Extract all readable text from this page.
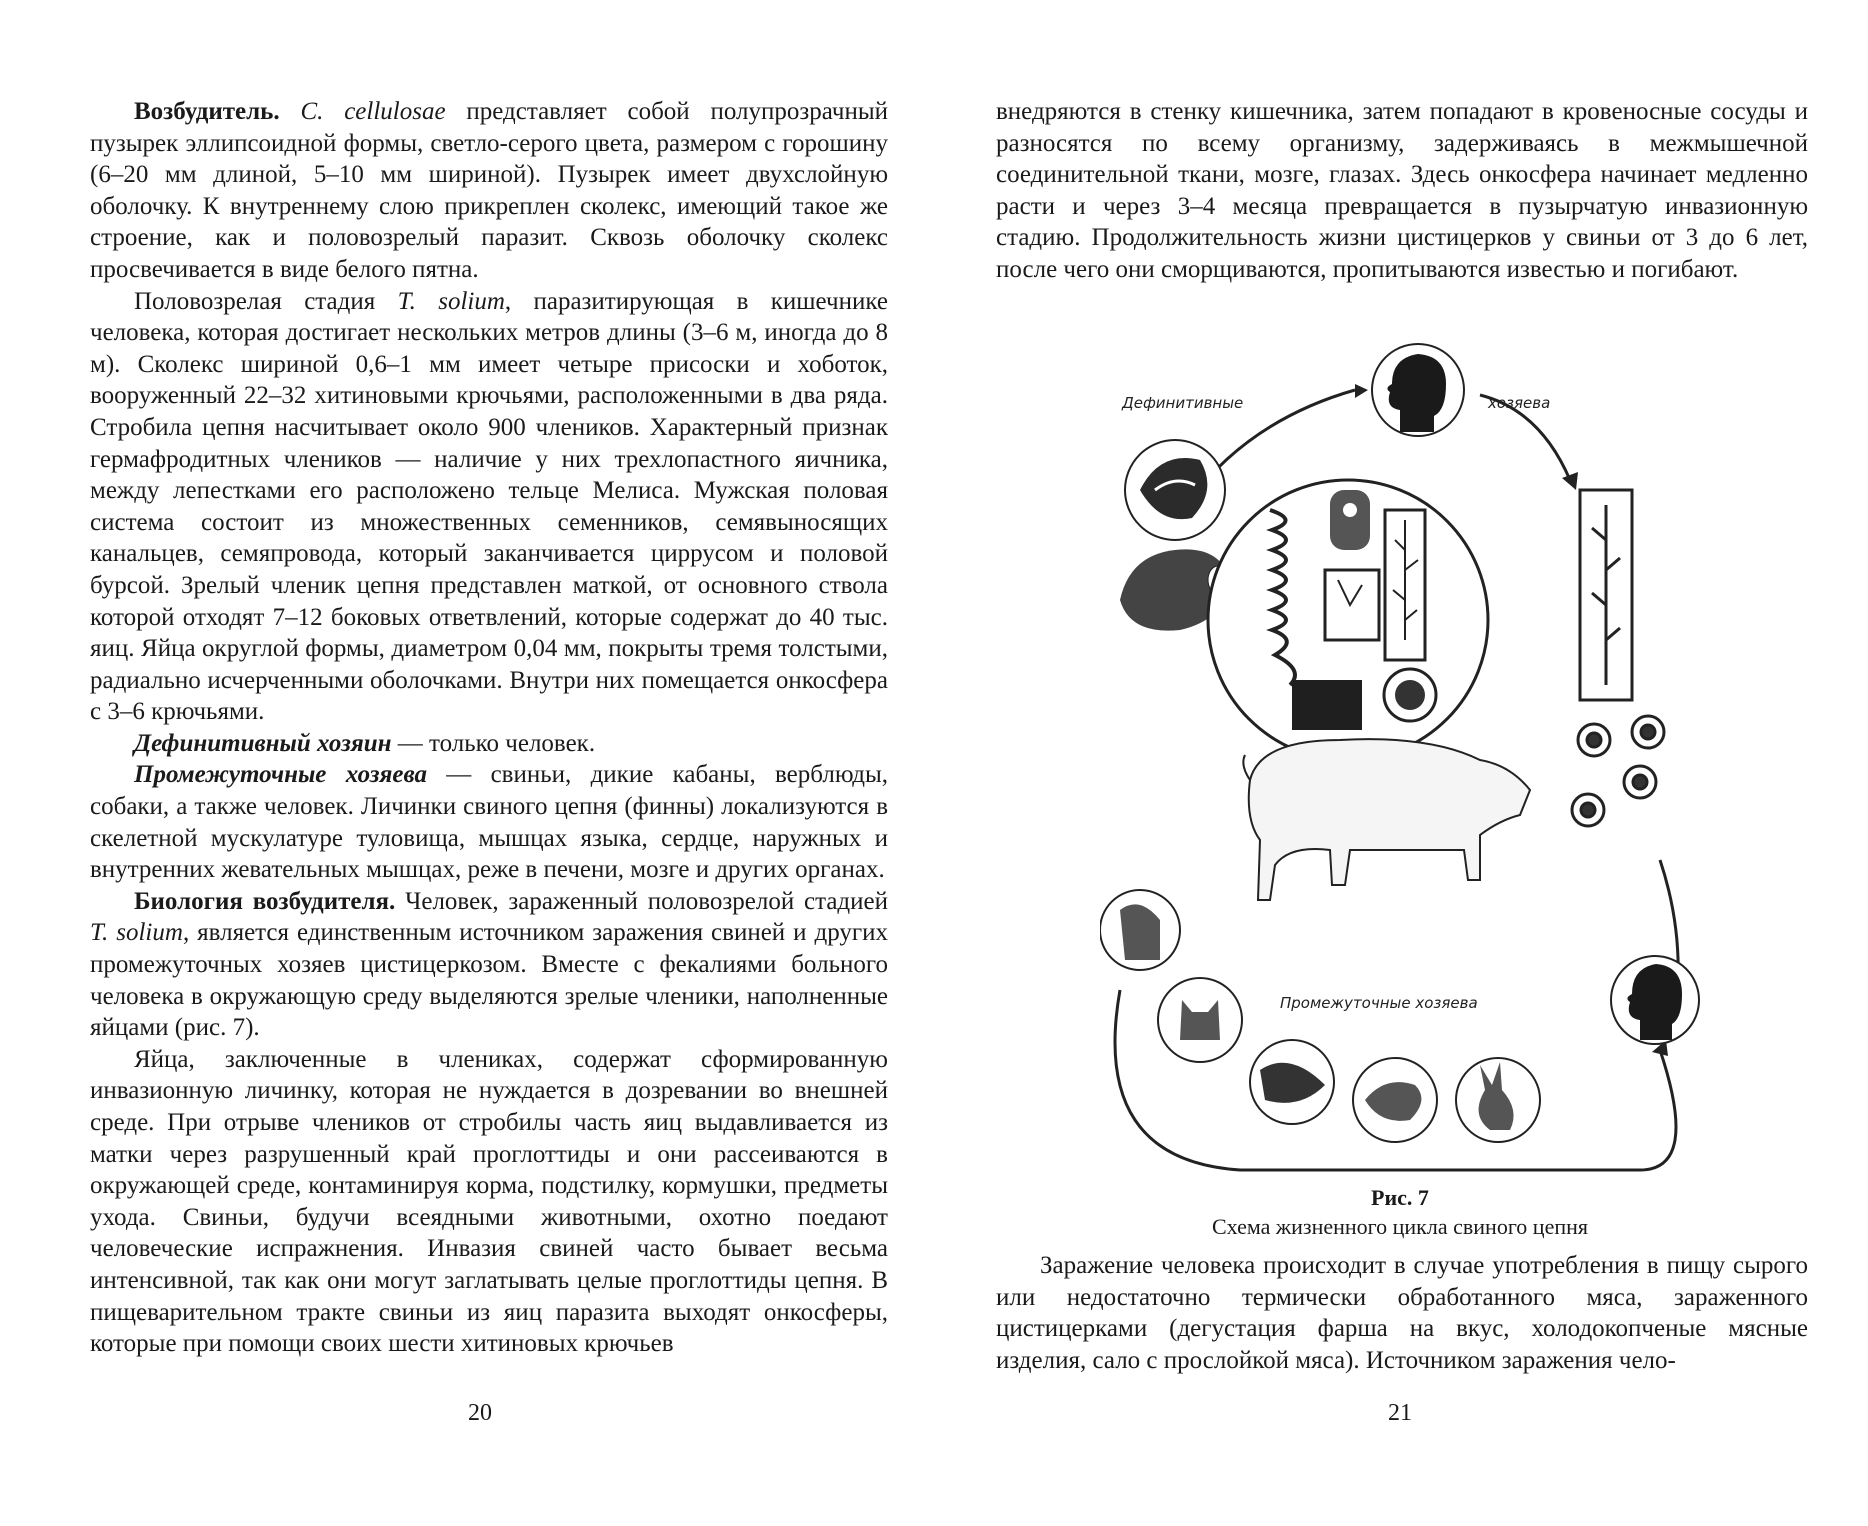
Возбудитель. C. cellulosae представляет собой полупрозрачный пузырек эллипсоидной формы, светло-серого цвета, размером с горошину (6–20 мм длиной, 5–10 мм шириной). Пузырек имеет двухслойную оболочку. К внутреннему слою прикреплен сколекс, имеющий такое же строение, как и половозрелый паразит. Сквозь оболочку сколекс просвечивается в виде белого пятна.

Половозрелая стадия T. solium, паразитирующая в кишечнике человека, которая достигает нескольких метров длины (3–6 м, иногда до 8 м). Сколекс шириной 0,6–1 мм имеет четыре присоски и хоботок, вооруженный 22–32 хитиновыми крючьями, расположенными в два ряда. Стробила цепня насчитывает около 900 члеников. Характерный признак гермафродитных члеников — наличие у них трехлопастного яичника, между лепестками его расположено тельце Мелиса. Мужская половая система состоит из множественных семенников, семявыносящих канальцев, семяпровода, который заканчивается циррусом и половой бурсой. Зрелый членик цепня представлен маткой, от основного ствола которой отходят 7–12 боковых ответвлений, которые содержат до 40 тыс. яиц. Яйца округлой формы, диаметром 0,04 мм, покрыты тремя толстыми, радиально исчерченными оболочками. Внутри них помещается онкосфера с 3–6 крючьями.

Дефинитивный хозяин — только человек.

Промежуточные хозяева — свиньи, дикие кабаны, верблюды, собаки, а также человек. Личинки свиного цепня (финны) локализуются в скелетной мускулатуре туловища, мышцах языка, сердце, наружных и внутренних жевательных мышцах, реже в печени, мозге и других органах.

Биология возбудителя. Человек, зараженный половозрелой стадией T. solium, является единственным источником заражения свиней и других промежуточных хозяев цистицеркозом. Вместе с фекалиями больного человека в окружающую среду выделяются зрелые членики, наполненные яйцами (рис. 7).

Яйца, заключенные в члениках, содержат сформированную инвазионную личинку, которая не нуждается в дозревании во внешней среде. При отрыве члеников от стробилы часть яиц выдавливается из матки через разрушенный край проглоттиды и они рассеиваются в окружающей среде, контаминируя корма, подстилку, кормушки, предметы ухода. Свиньи, будучи всеядными животными, охотно поедают человеческие испражнения. Инвазия свиней часто бывает весьма интенсивной, так как они могут заглатывать целые проглоттиды цепня. В пищеварительном тракте свиньи из яиц паразита выходят онкосферы, которые при помощи своих шести хитиновых крючьев

20

внедряются в стенку кишечника, затем попадают в кровеносные сосуды и разносятся по всему организму, задерживаясь в межмышечной соединительной ткани, мозге, глазах. Здесь онкосфера начинает медленно расти и через 3–4 месяца превращается в пузырчатую инвазионную стадию. Продолжительность жизни цистицерков у свиньи от 3 до 6 лет, после чего они сморщиваются, пропитываются известью и погибают.

Дефинитивные	хозяева
Промежуточные хозяева
Рис. 7
Схема жизненного цикла свиного цепня

Заражение человека происходит в случае употребления в пищу сырого или недостаточно термически обработанного мяса, зараженного цистицерками (дегустация фарша на вкус, холодокопченые мясные изделия, сало с прослойкой мяса). Источником заражения чело-

21
